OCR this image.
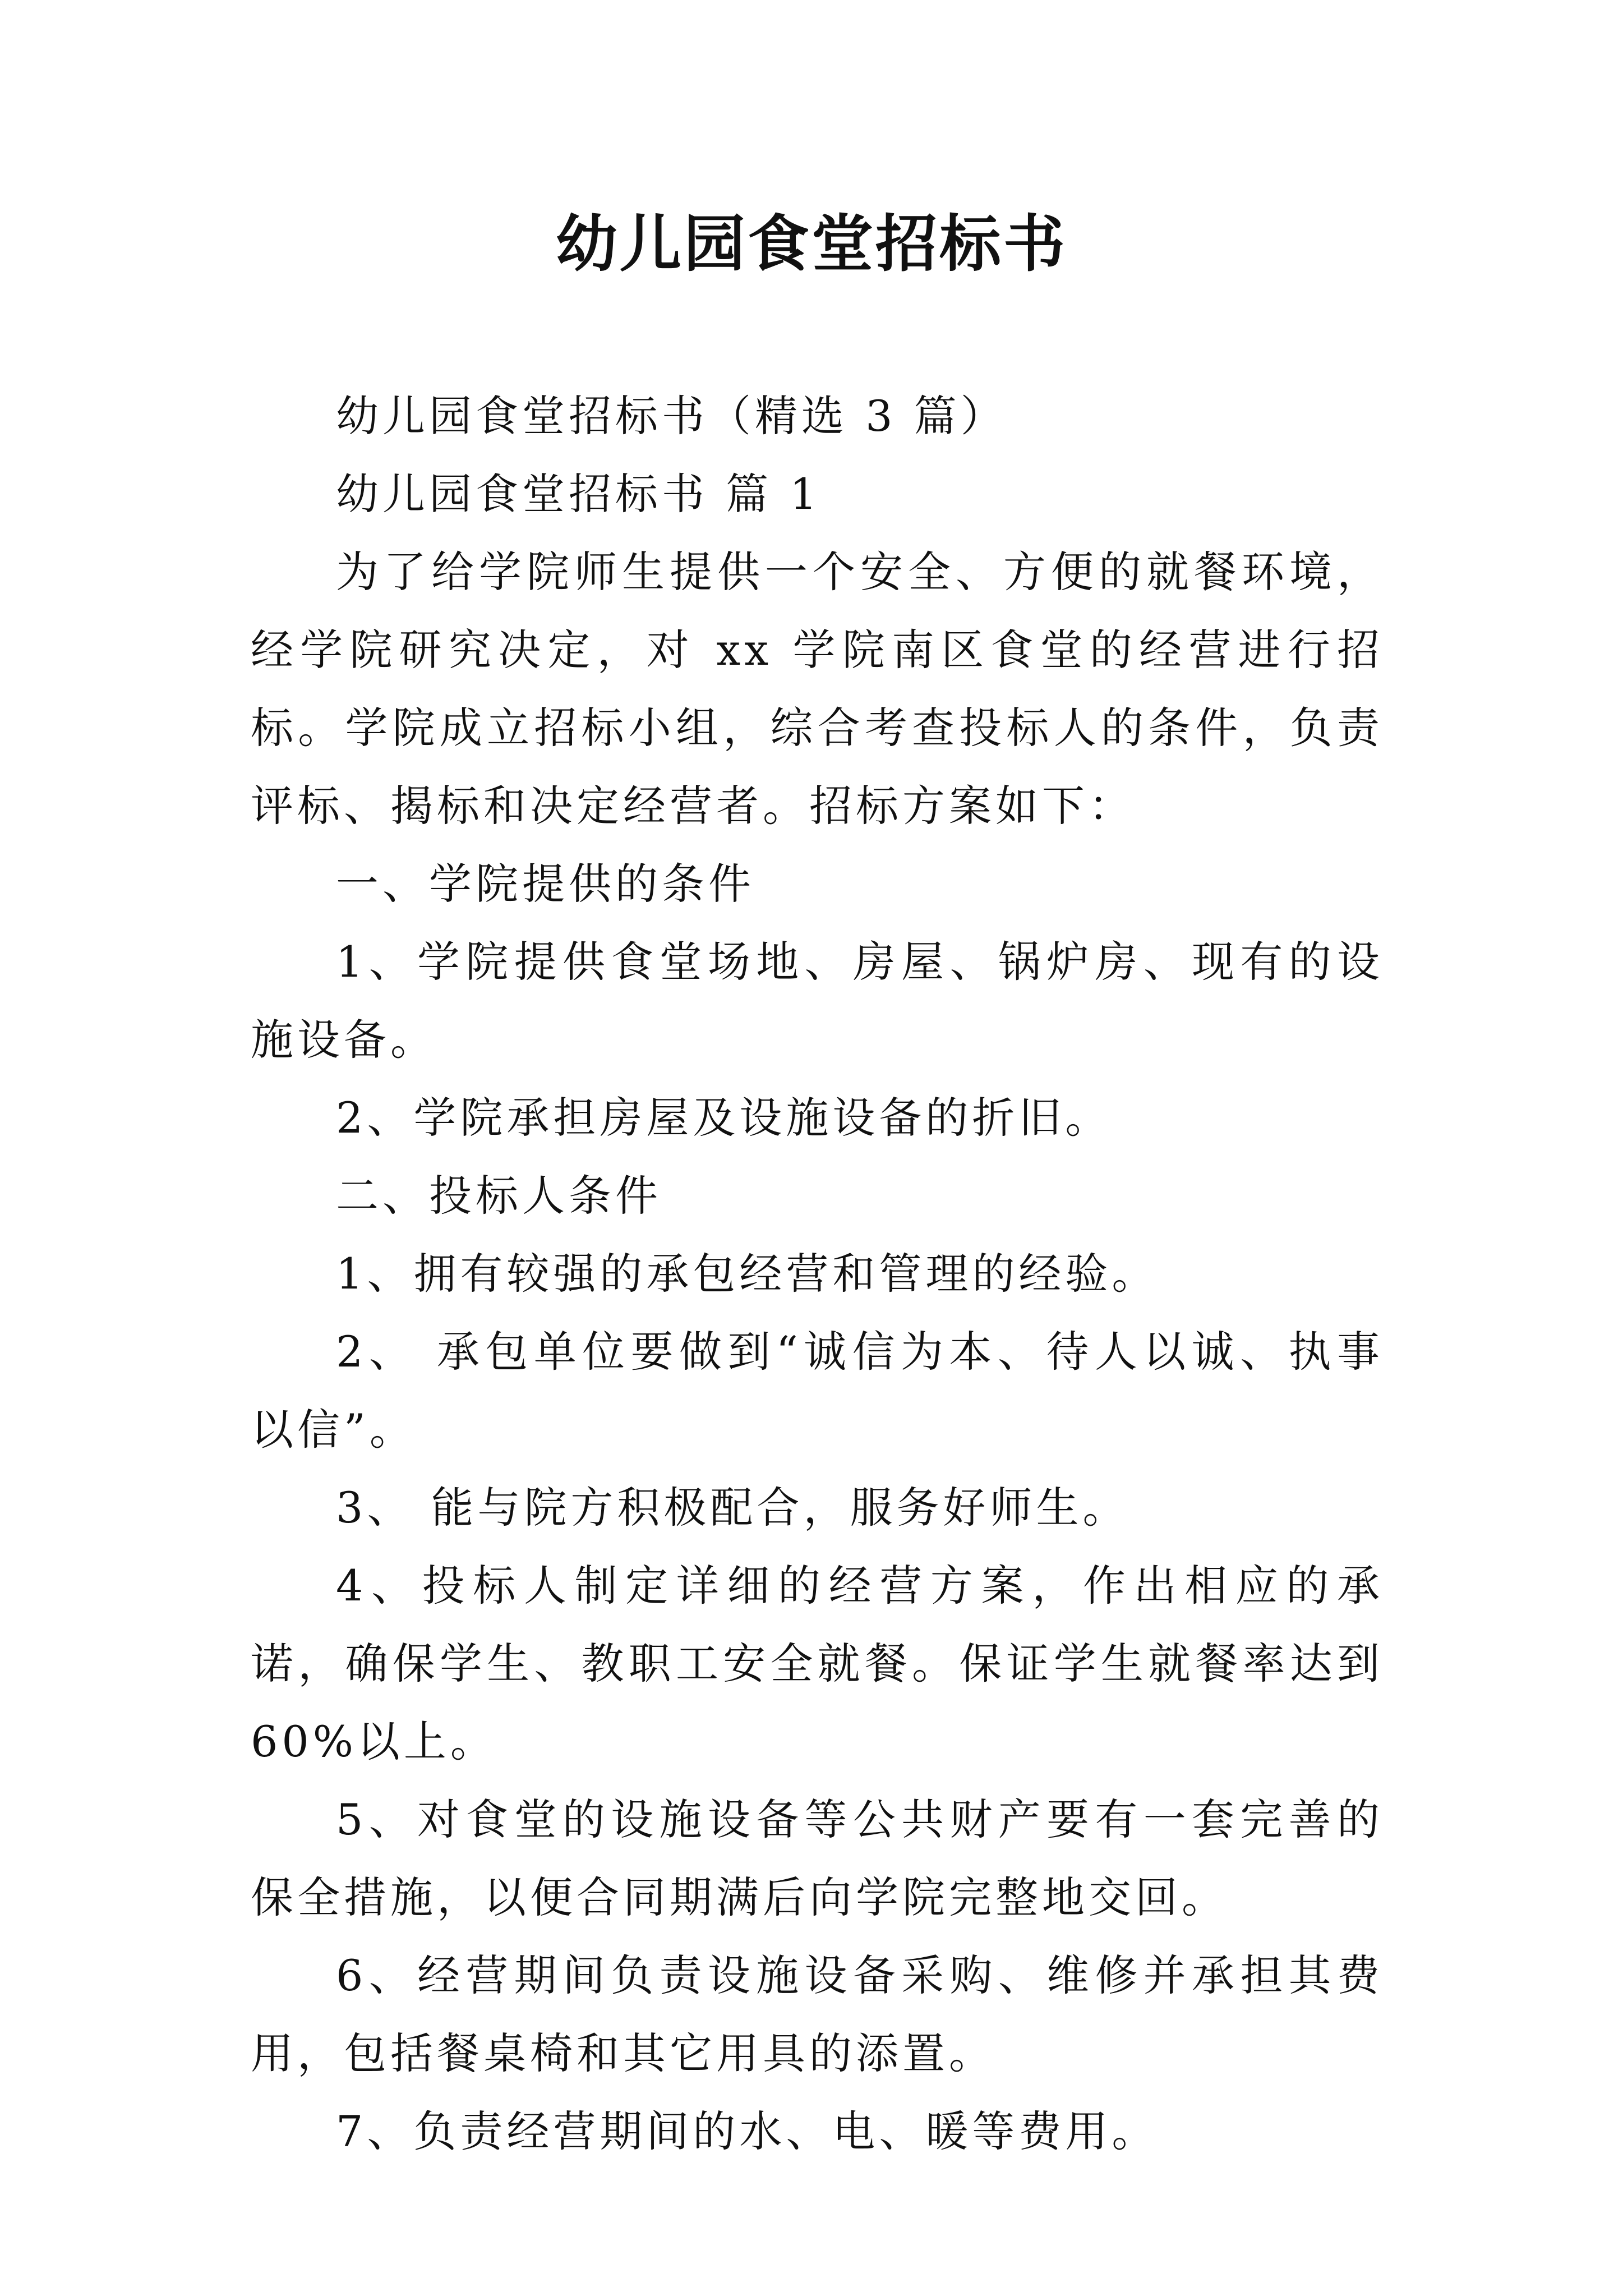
幼儿园食堂招标书

幼儿园食堂招标书（精选 3 篇）

幼儿园食堂招标书 篇 1

为了给学院师生提供一个安全、方便的就餐环境，经学院研究决定，对 xx 学院南区食堂的经营进行招标。学院成立招标小组，综合考查投标人的条件，负责评标、揭标和决定经营者。招标方案如下：

一、学院提供的条件

1、学院提供食堂场地、房屋、锅炉房、现有的设施设备。

2、学院承担房屋及设施设备的折旧。

二、投标人条件

1、拥有较强的承包经营和管理的经验。

2、 承包单位要做到“诚信为本、待人以诚、执事以信”。

3、 能与院方积极配合，服务好师生。

4、投标人制定详细的经营方案，作出相应的承诺，确保学生、教职工安全就餐。保证学生就餐率达到 60%以上。

5、对食堂的设施设备等公共财产要有一套完善的保全措施，以便合同期满后向学院完整地交回。

6、经营期间负责设施设备采购、维修并承担其费用，包括餐桌椅和其它用具的添置。

7、负责经营期间的水、电、暖等费用。
